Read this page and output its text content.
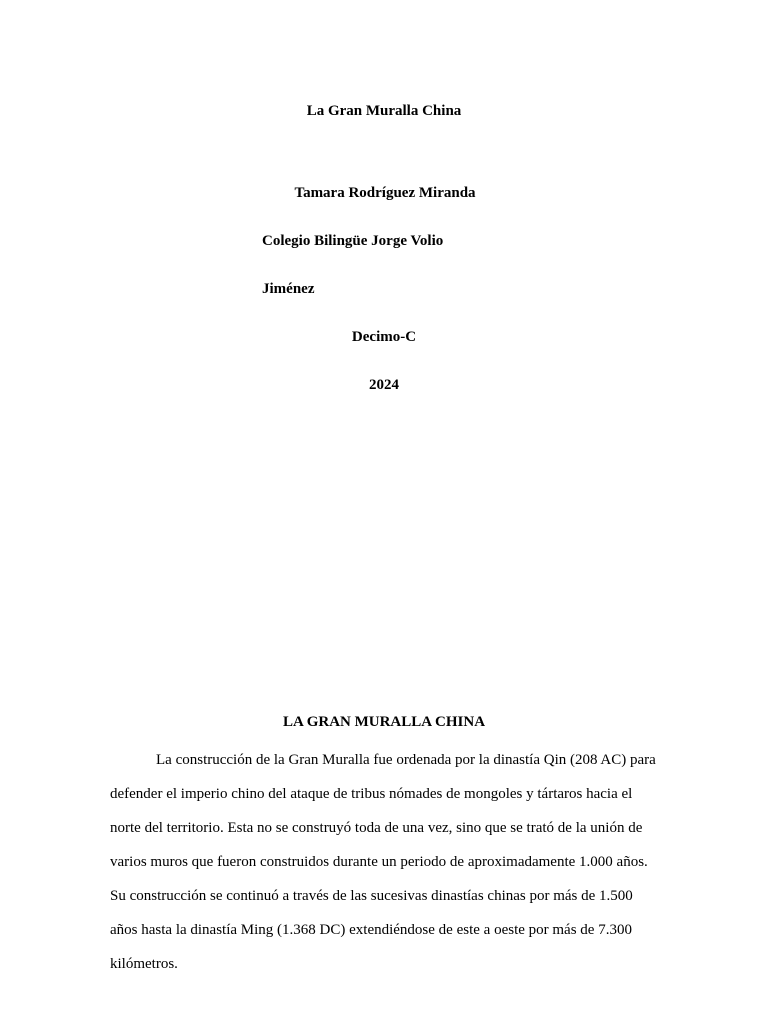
La Gran Muralla China
Tamara Rodríguez Miranda
Colegio Bilingüe Jorge Volio
Jiménez
Decimo-C
2024
LA GRAN MURALLA CHINA

La construcción de la Gran Muralla fue ordenada por la dinastía Qin (208 AC) para defender el imperio chino del ataque de tribus nómades de mongoles y tártaros hacia el norte del territorio. Esta no se construyó toda de una vez, sino que se trató de la unión de varios muros que fueron construidos durante un periodo de aproximadamente 1.000 años. Su construcción se continuó a través de las sucesivas dinastías chinas por más de 1.500 años hasta la dinastía Ming (1.368 DC) extendiéndose de este a oeste por más de 7.300 kilómetros.
